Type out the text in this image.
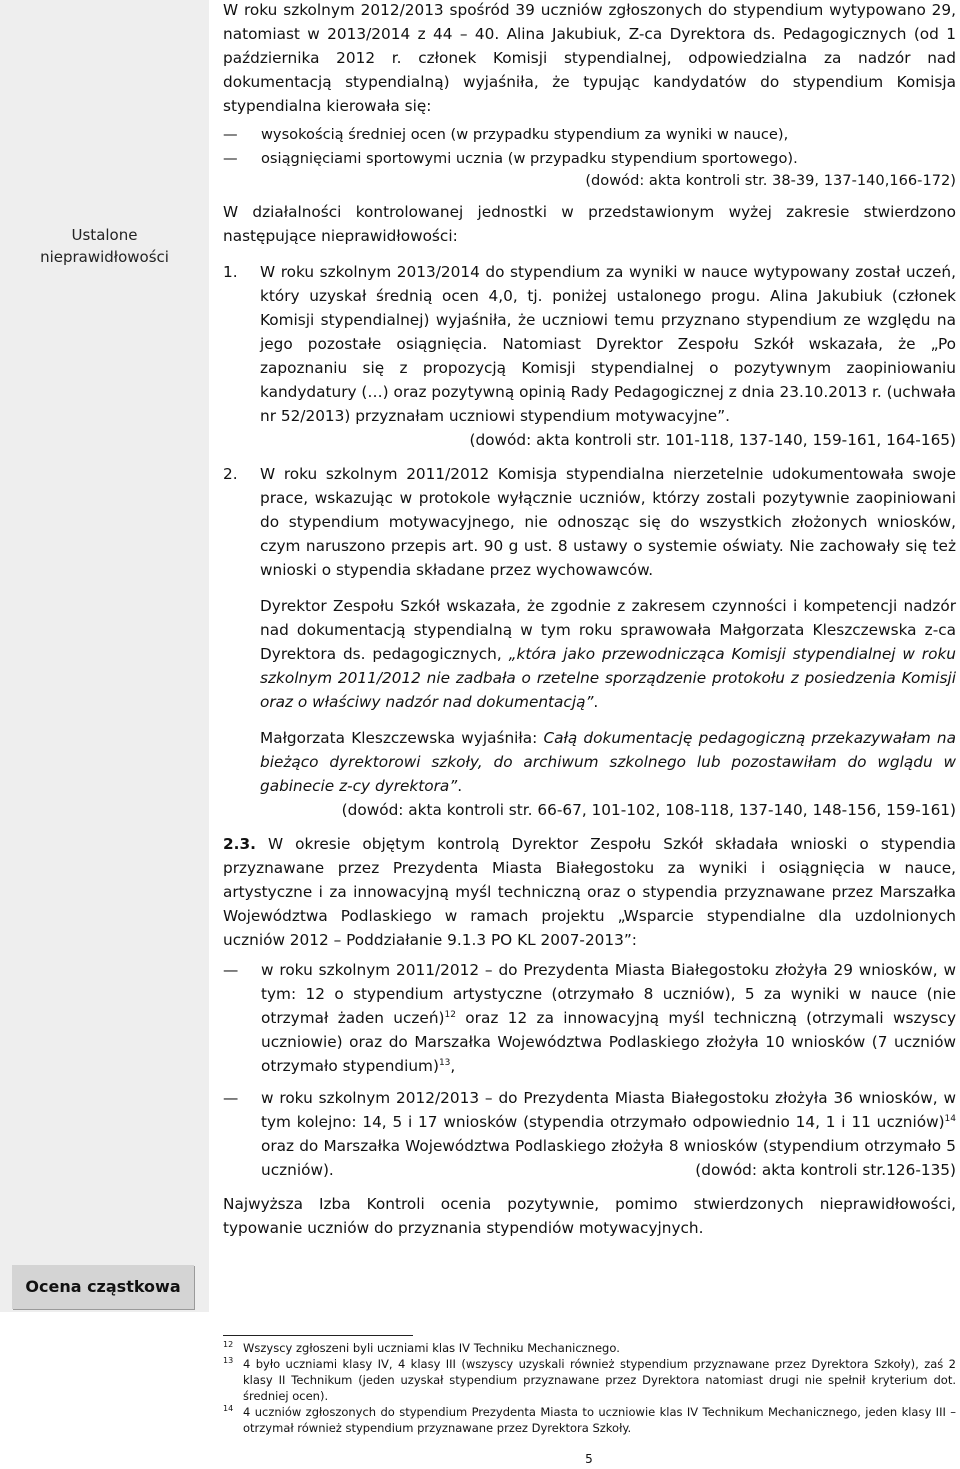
Ustalone
nieprawidłowości
Ocena cząstkowa

W roku szkolnym 2012/2013 spośród 39 uczniów zgłoszonych do stypendium wytypowano 29, natomiast w 2013/2014 z 44 – 40. Alina Jakubiuk, Z-ca Dyrektora ds. Pedagogicznych (od 1 października 2012 r. członek Komisji stypendialnej, odpowiedzialna za nadzór nad dokumentacją stypendialną) wyjaśniła, że typując kandydatów do stypendium Komisja stypendialna kierowała się:

—	wysokością średniej ocen (w przypadku stypendium za wyniki w nauce),
—	osiągnięciami sportowymi ucznia (w przypadku stypendium sportowego).
(dowód: akta kontroli str. 38-39, 137-140,166-172)

W działalności kontrolowanej jednostki w przedstawionym wyżej zakresie stwierdzono następujące nieprawidłowości:

1. W roku szkolnym 2013/2014 do stypendium za wyniki w nauce wytypowany został uczeń, który uzyskał średnią ocen 4,0, tj. poniżej ustalonego progu. Alina Jakubiuk (członek Komisji stypendialnej) wyjaśniła, że uczniowi temu przyznano stypendium ze względu na jego pozostałe osiągnięcia. Natomiast Dyrektor Zespołu Szkół wskazała, że „Po zapoznaniu się z propozycją Komisji stypendialnej o pozytywnym zaopiniowaniu kandydatury (…) oraz pozytywną opinią Rady Pedagogicznej z dnia 23.10.2013 r. (uchwała nr 52/2013) przyznałam uczniowi stypendium motywacyjne”.

(dowód: akta kontroli str. 101-118, 137-140, 159-161, 164-165)
2. W roku szkolnym 2011/2012 Komisja stypendialna nierzetelnie udokumentowała swoje prace, wskazując w protokole wyłącznie uczniów, którzy zostali pozytywnie zaopiniowani do stypendium motywacyjnego, nie odnosząc się do wszystkich złożonych wniosków, czym naruszono przepis art. 90 g ust. 8 ustawy o systemie oświaty. Nie zachowały się też wnioski o stypendia składane przez wychowawców.

Dyrektor Zespołu Szkół wskazała, że zgodnie z zakresem czynności i kompetencji nadzór nad dokumentacją stypendialną w tym roku sprawowała Małgorzata Kleszczewska z-ca Dyrektora ds. pedagogicznych, „która jako przewodnicząca Komisji stypendialnej w roku szkolnym 2011/2012 nie zadbała o rzetelne sporządzenie protokołu z posiedzenia Komisji oraz o właściwy nadzór nad dokumentacją”.

Małgorzata Kleszczewska wyjaśniła: Całą dokumentację pedagogiczną przekazywałam na bieżąco dyrektorowi szkoły, do archiwum szkolnego lub pozostawiłam do wglądu w gabinecie z-cy dyrektora”.

(dowód: akta kontroli str. 66-67, 101-102, 108-118, 137-140, 148-156, 159-161)

2.3. W okresie objętym kontrolą Dyrektor Zespołu Szkół składała wnioski o stypendia przyznawane przez Prezydenta Miasta Białegostoku za wyniki i osiągnięcia w nauce, artystyczne i za innowacyjną myśl techniczną oraz o stypendia przyznawane przez Marszałka Województwa Podlaskiego w ramach projektu „Wsparcie stypendialne dla uzdolnionych uczniów 2012 – Poddziałanie 9.1.3 PO KL 2007-2013”:

—	w roku szkolnym 2011/2012 – do Prezydenta Miasta Białegostoku złożyła 29 wniosków, w tym: 12 o stypendium artystyczne (otrzymało 8 uczniów), 5 za wyniki w nauce (nie otrzymał żaden uczeń)$^{12}$ oraz 12 za innowacyjną myśl techniczną (otrzymali wszyscy uczniowie) oraz do Marszałka Województwa Podlaskiego złożyła 10 wniosków (7 uczniów otrzymało stypendium)$^{13}$,
—	w roku szkolnym 2012/2013 – do Prezydenta Miasta Białegostoku złożyła 36 wniosków, w tym kolejno: 14, 5 i 17 wniosków (stypendia otrzymało odpowiednio 14, 1 i 11 uczniów)$^{14}$ oraz do Marszałka Województwa Podlaskiego złożyła 8 wniosków (stypendium otrzymało 5 uczniów).	(dowód: akta kontroli str.126-135)

Najwyższa Izba Kontroli ocenia pozytywnie, pomimo stwierdzonych nieprawidłowości, typowanie uczniów do przyznania stypendiów motywacyjnych.

12 Wszyscy zgłoszeni byli uczniami klas IV Techniku Mechanicznego.
13 4 było uczniami klasy IV, 4 klasy III (wszyscy uzyskali również stypendium przyznawane przez Dyrektora Szkoły), zaś 2 klasy II Technikum (jeden uzyskał stypendium przyznawane przez Dyrektora natomiast drugi nie spełnił kryterium dot. średniej ocen).
14 4 uczniów zgłoszonych do stypendium Prezydenta Miasta to uczniowie klas IV Technikum Mechanicznego, jeden klasy III – otrzymał również stypendium przyznawane przez Dyrektora Szkoły.
5
